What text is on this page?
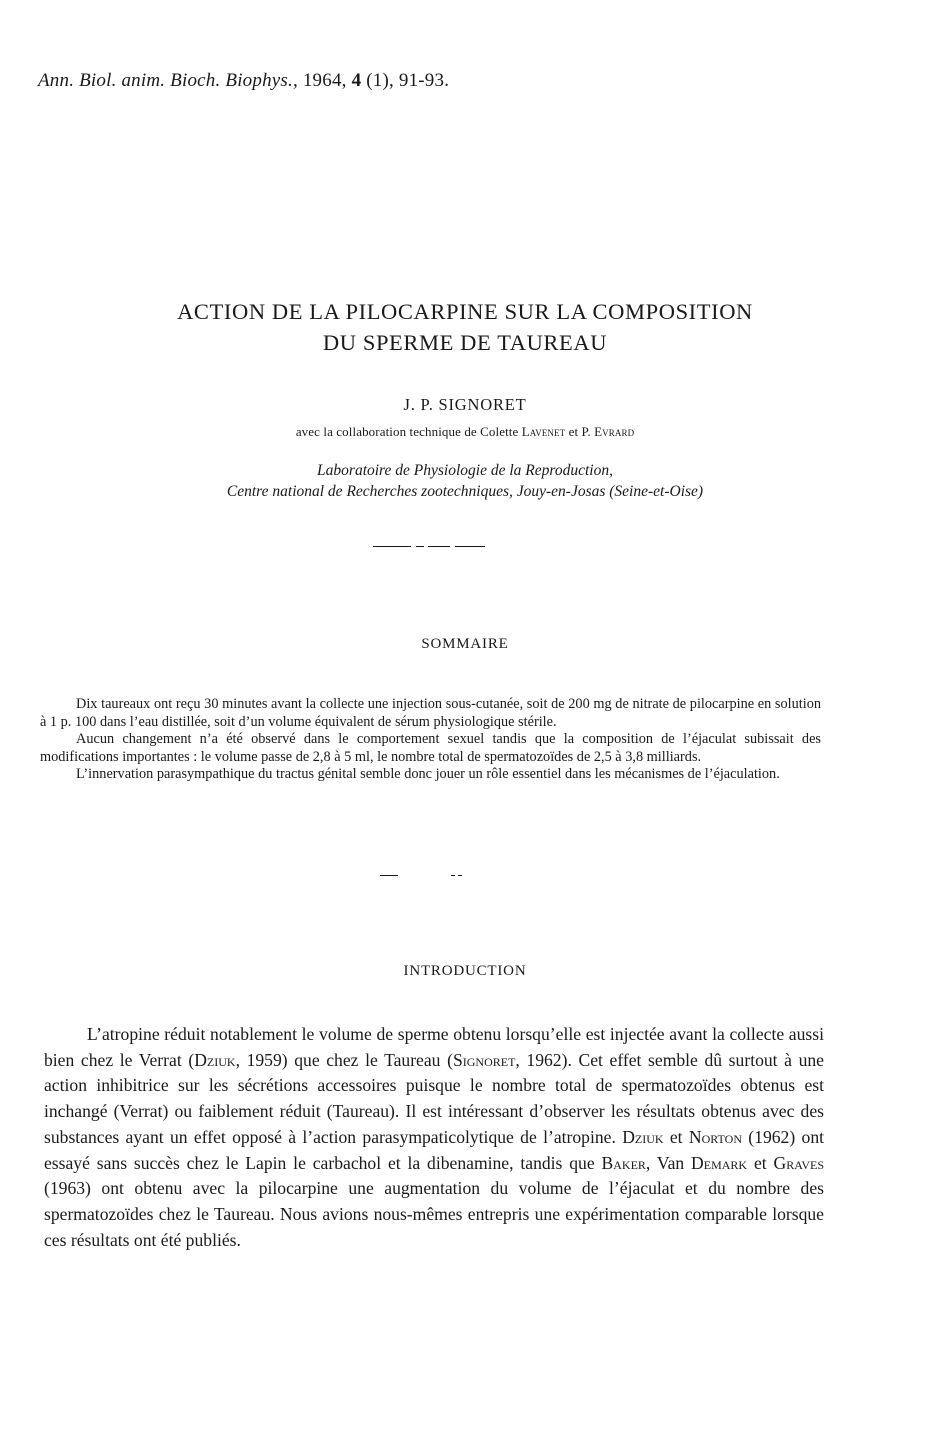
Ann. Biol. anim. Bioch. Biophys., 1964, 4 (1), 91-93.
ACTION DE LA PILOCARPINE SUR LA COMPOSITION
DU SPERME DE TAUREAU
J. P. SIGNORET
avec la collaboration technique de Colette Lavenet et P. Evrard
Laboratoire de Physiologie de la Reproduction,
Centre national de Recherches zootechniques, Jouy-en-Josas (Seine-et-Oise)
SOMMAIRE

Dix taureaux ont reçu 30 minutes avant la collecte une injection sous-cutanée, soit de 200 mg de nitrate de pilocarpine en solution à 1 p. 100 dans l’eau distillée, soit d’un volume équivalent de sérum physiologique stérile.

Aucun changement n’a été observé dans le comportement sexuel tandis que la composition de l’éjaculat subissait des modifications importantes : le volume passe de 2,8 à 5 ml, le nombre total de spermatozoïdes de 2,5 à 3,8 milliards.

L’innervation parasympathique du tractus génital semble donc jouer un rôle essentiel dans les mécanismes de l’éjaculation.

INTRODUCTION

L’atropine réduit notablement le volume de sperme obtenu lorsqu’elle est injectée avant la collecte aussi bien chez le Verrat (Dziuk, 1959) que chez le Taureau (Signoret, 1962). Cet effet semble dû surtout à une action inhibitrice sur les sécrétions accessoires puisque le nombre total de spermatozoïdes obtenus est inchangé (Verrat) ou faiblement réduit (Taureau). Il est intéressant d’observer les résultats obtenus avec des substances ayant un effet opposé à l’action parasympaticolytique de l’atropine. Dziuk et Norton (1962) ont essayé sans succès chez le Lapin le carbachol et la dibenamine, tandis que Baker, Van Demark et Graves (1963) ont obtenu avec la pilocarpine une augmentation du volume de l’éjaculat et du nombre des spermatozoïdes chez le Taureau. Nous avions nous-mêmes entrepris une expérimentation comparable lorsque ces résultats ont été publiés.
